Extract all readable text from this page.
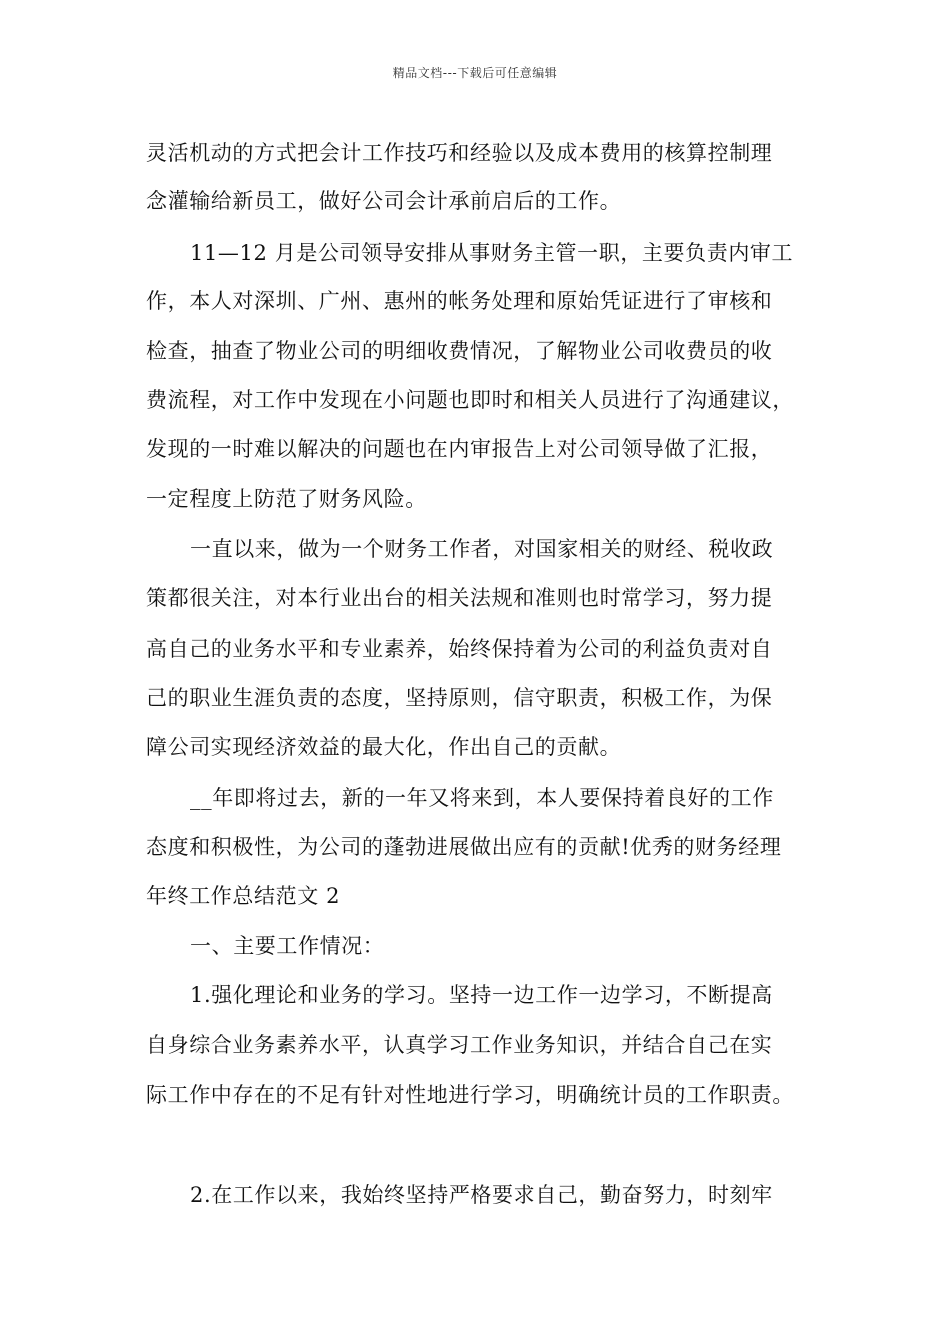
精品文档---下载后可任意编辑
灵活机动的方式把会计工作技巧和经验以及成本费用的核算控制理
念灌输给新员工，做好公司会计承前启后的工作。
11—12 月是公司领导安排从事财务主管一职，主要负责内审工
作，本人对深圳、广州、惠州的帐务处理和原始凭证进行了审核和
检查，抽查了物业公司的明细收费情况，了解物业公司收费员的收
费流程，对工作中发现在小问题也即时和相关人员进行了沟通建议，
发现的一时难以解决的问题也在内审报告上对公司领导做了汇报，
一定程度上防范了财务风险。
一直以来，做为一个财务工作者，对国家相关的财经、税收政
策都很关注，对本行业出台的相关法规和准则也时常学习，努力提
高自己的业务水平和专业素养，始终保持着为公司的利益负责对自
己的职业生涯负责的态度，坚持原则，信守职责，积极工作，为保
障公司实现经济效益的最大化，作出自己的贡献。
__年即将过去，新的一年又将来到，本人要保持着良好的工作
态度和积极性，为公司的蓬勃进展做出应有的贡献!优秀的财务经理
年终工作总结范文 2
一、主要工作情况：
1.强化理论和业务的学习。坚持一边工作一边学习，不断提高
自身综合业务素养水平，认真学习工作业务知识，并结合自己在实
际工作中存在的不足有针对性地进行学习，明确统计员的工作职责。
2.在工作以来，我始终坚持严格要求自己，勤奋努力，时刻牢
